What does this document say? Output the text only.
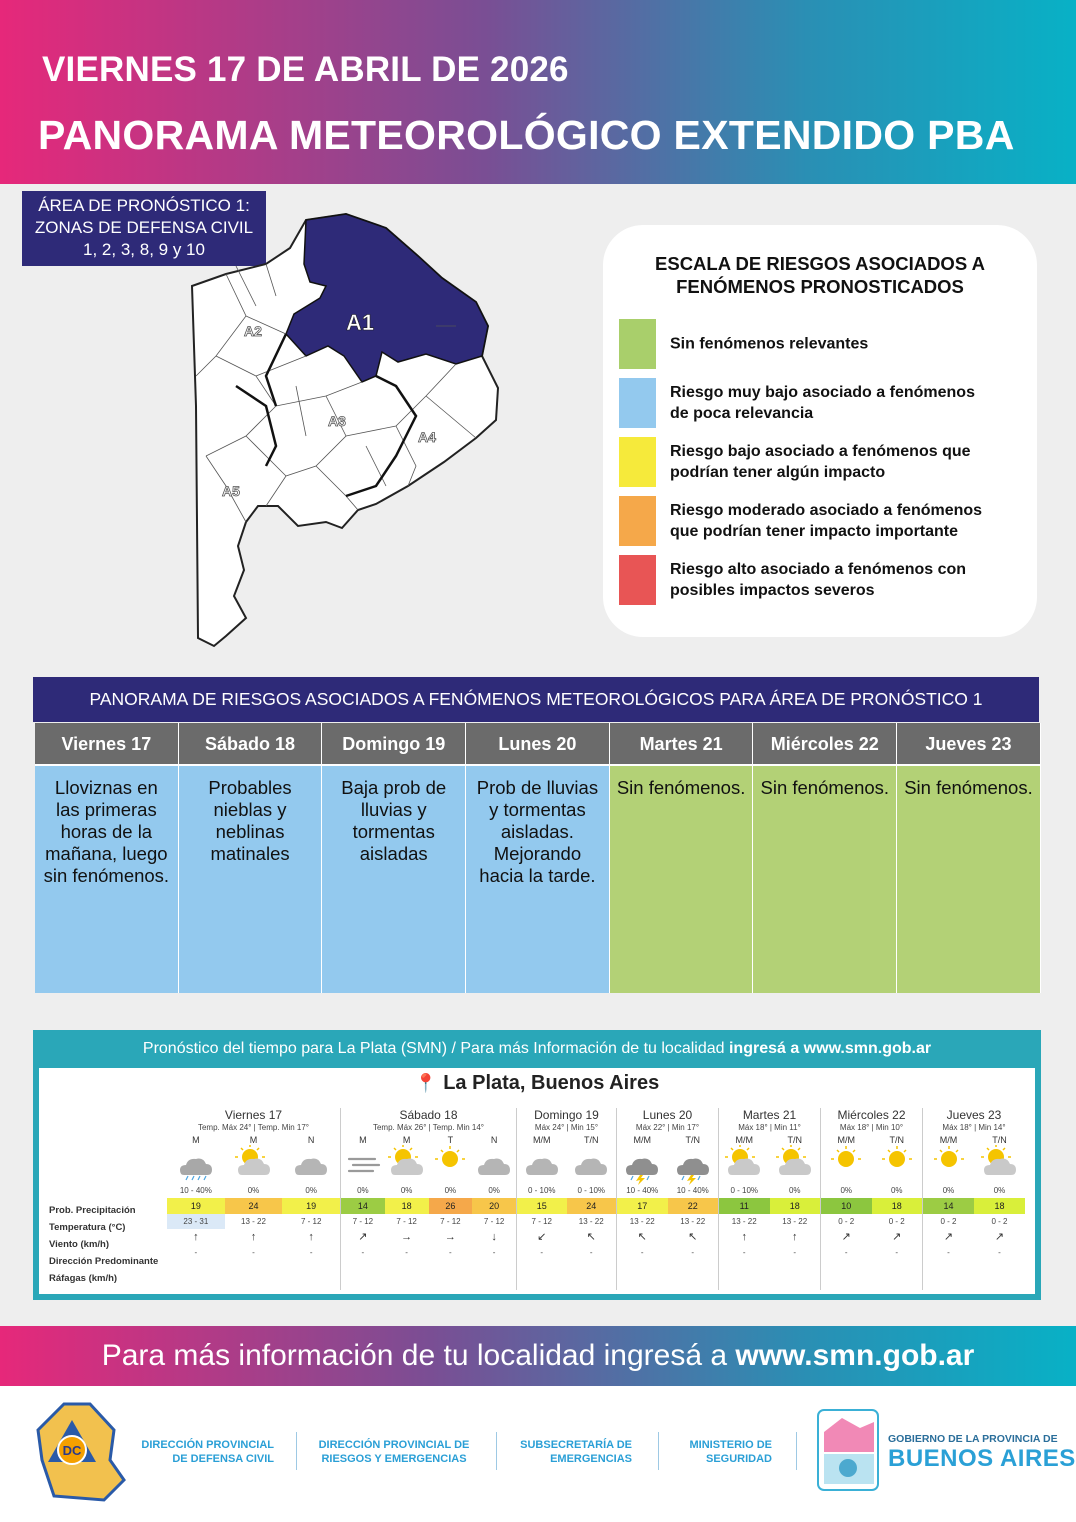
VIERNES 17 DE ABRIL DE 2026
PANORAMA METEOROLÓGICO EXTENDIDO PBA
ÁREA DE PRONÓSTICO 1:
ZONAS DE DEFENSA CIVIL
1, 2, 3, 8, 9 y 10
A1
A2
A3
A4
A5
ESCALA DE RIESGOS ASOCIADOS A
FENÓMENOS PRONOSTICADOS
Sin fenómenos relevantes
Riesgo muy bajo asociado a fenómenos
de poca relevancia
Riesgo bajo asociado a fenómenos que
podrían tener algún impacto
Riesgo moderado asociado a fenómenos
que podrían tener impacto importante
Riesgo alto asociado a fenómenos con
posibles impactos severos
PANORAMA DE RIESGOS ASOCIADOS A FENÓMENOS METEOROLÓGICOS PARA ÁREA DE PRONÓSTICO 1
Viernes 17
Lloviznas en las primeras horas de la mañana, luego sin fenómenos.
Sábado 18
Probables nieblas y neblinas matinales
Domingo 19
Baja prob de lluvias y tormentas aisladas
Lunes 20
Prob de lluvias y tormentas aisladas. Mejorando hacia la tarde.
Martes 21
Sin fenómenos.
Miércoles 22
Sin fenómenos.
Jueves 23
Sin fenómenos.
Pronóstico del tiempo para La Plata (SMN) / Para más Información de tu localidad ingresá a www.smn.gob.ar
📍 La Plata, Buenos Aires
Prob. Precipitación
Temperatura (°C)
Viento (km/h)
Dirección Predominante
Ráfagas (km/h)
Viernes 17
Temp. Máx 24° | Temp. Min 17°
M
10 - 40%
19
23 - 31
↑
-
M
0%
24
13 - 22
↑
-
N
0%
19
7 - 12
↑
-
Sábado 18
Temp. Máx 26° | Temp. Min 14°
M
0%
14
7 - 12
↗
-
M
0%
18
7 - 12
→
-
T
0%
26
7 - 12
→
-
N
0%
20
7 - 12
↓
-
Domingo 19
Máx 24° | Min 15°
M/M
0 - 10%
15
7 - 12
↙
-
T/N
0 - 10%
24
13 - 22
↖
-
Lunes 20
Máx 22° | Min 17°
M/M
10 - 40%
17
13 - 22
↖
-
T/N
10 - 40%
22
13 - 22
↖
-
Martes 21
Máx 18° | Min 11°
M/M
0 - 10%
11
13 - 22
↑
-
T/N
0%
18
13 - 22
↑
-
Miércoles 22
Máx 18° | Min 10°
M/M
0%
10
0 - 2
↗
-
T/N
0%
18
0 - 2
↗
-
Jueves 23
Máx 18° | Min 14°
M/M
0%
14
0 - 2
↗
-
T/N
0%
18
0 - 2
↗
-
Para más información de tu localidad ingresá a www.smn.gob.ar
DC	DIRECCIÓN PROVINCIAL
DE DEFENSA CIVIL
DIRECCIÓN PROVINCIAL DE
RIESGOS Y EMERGENCIAS
SUBSECRETARÍA DE
EMERGENCIAS
MINISTERIO DE
SEGURIDAD
GOBIERNO DE LA PROVINCIA DE
BUENOS AIRES
